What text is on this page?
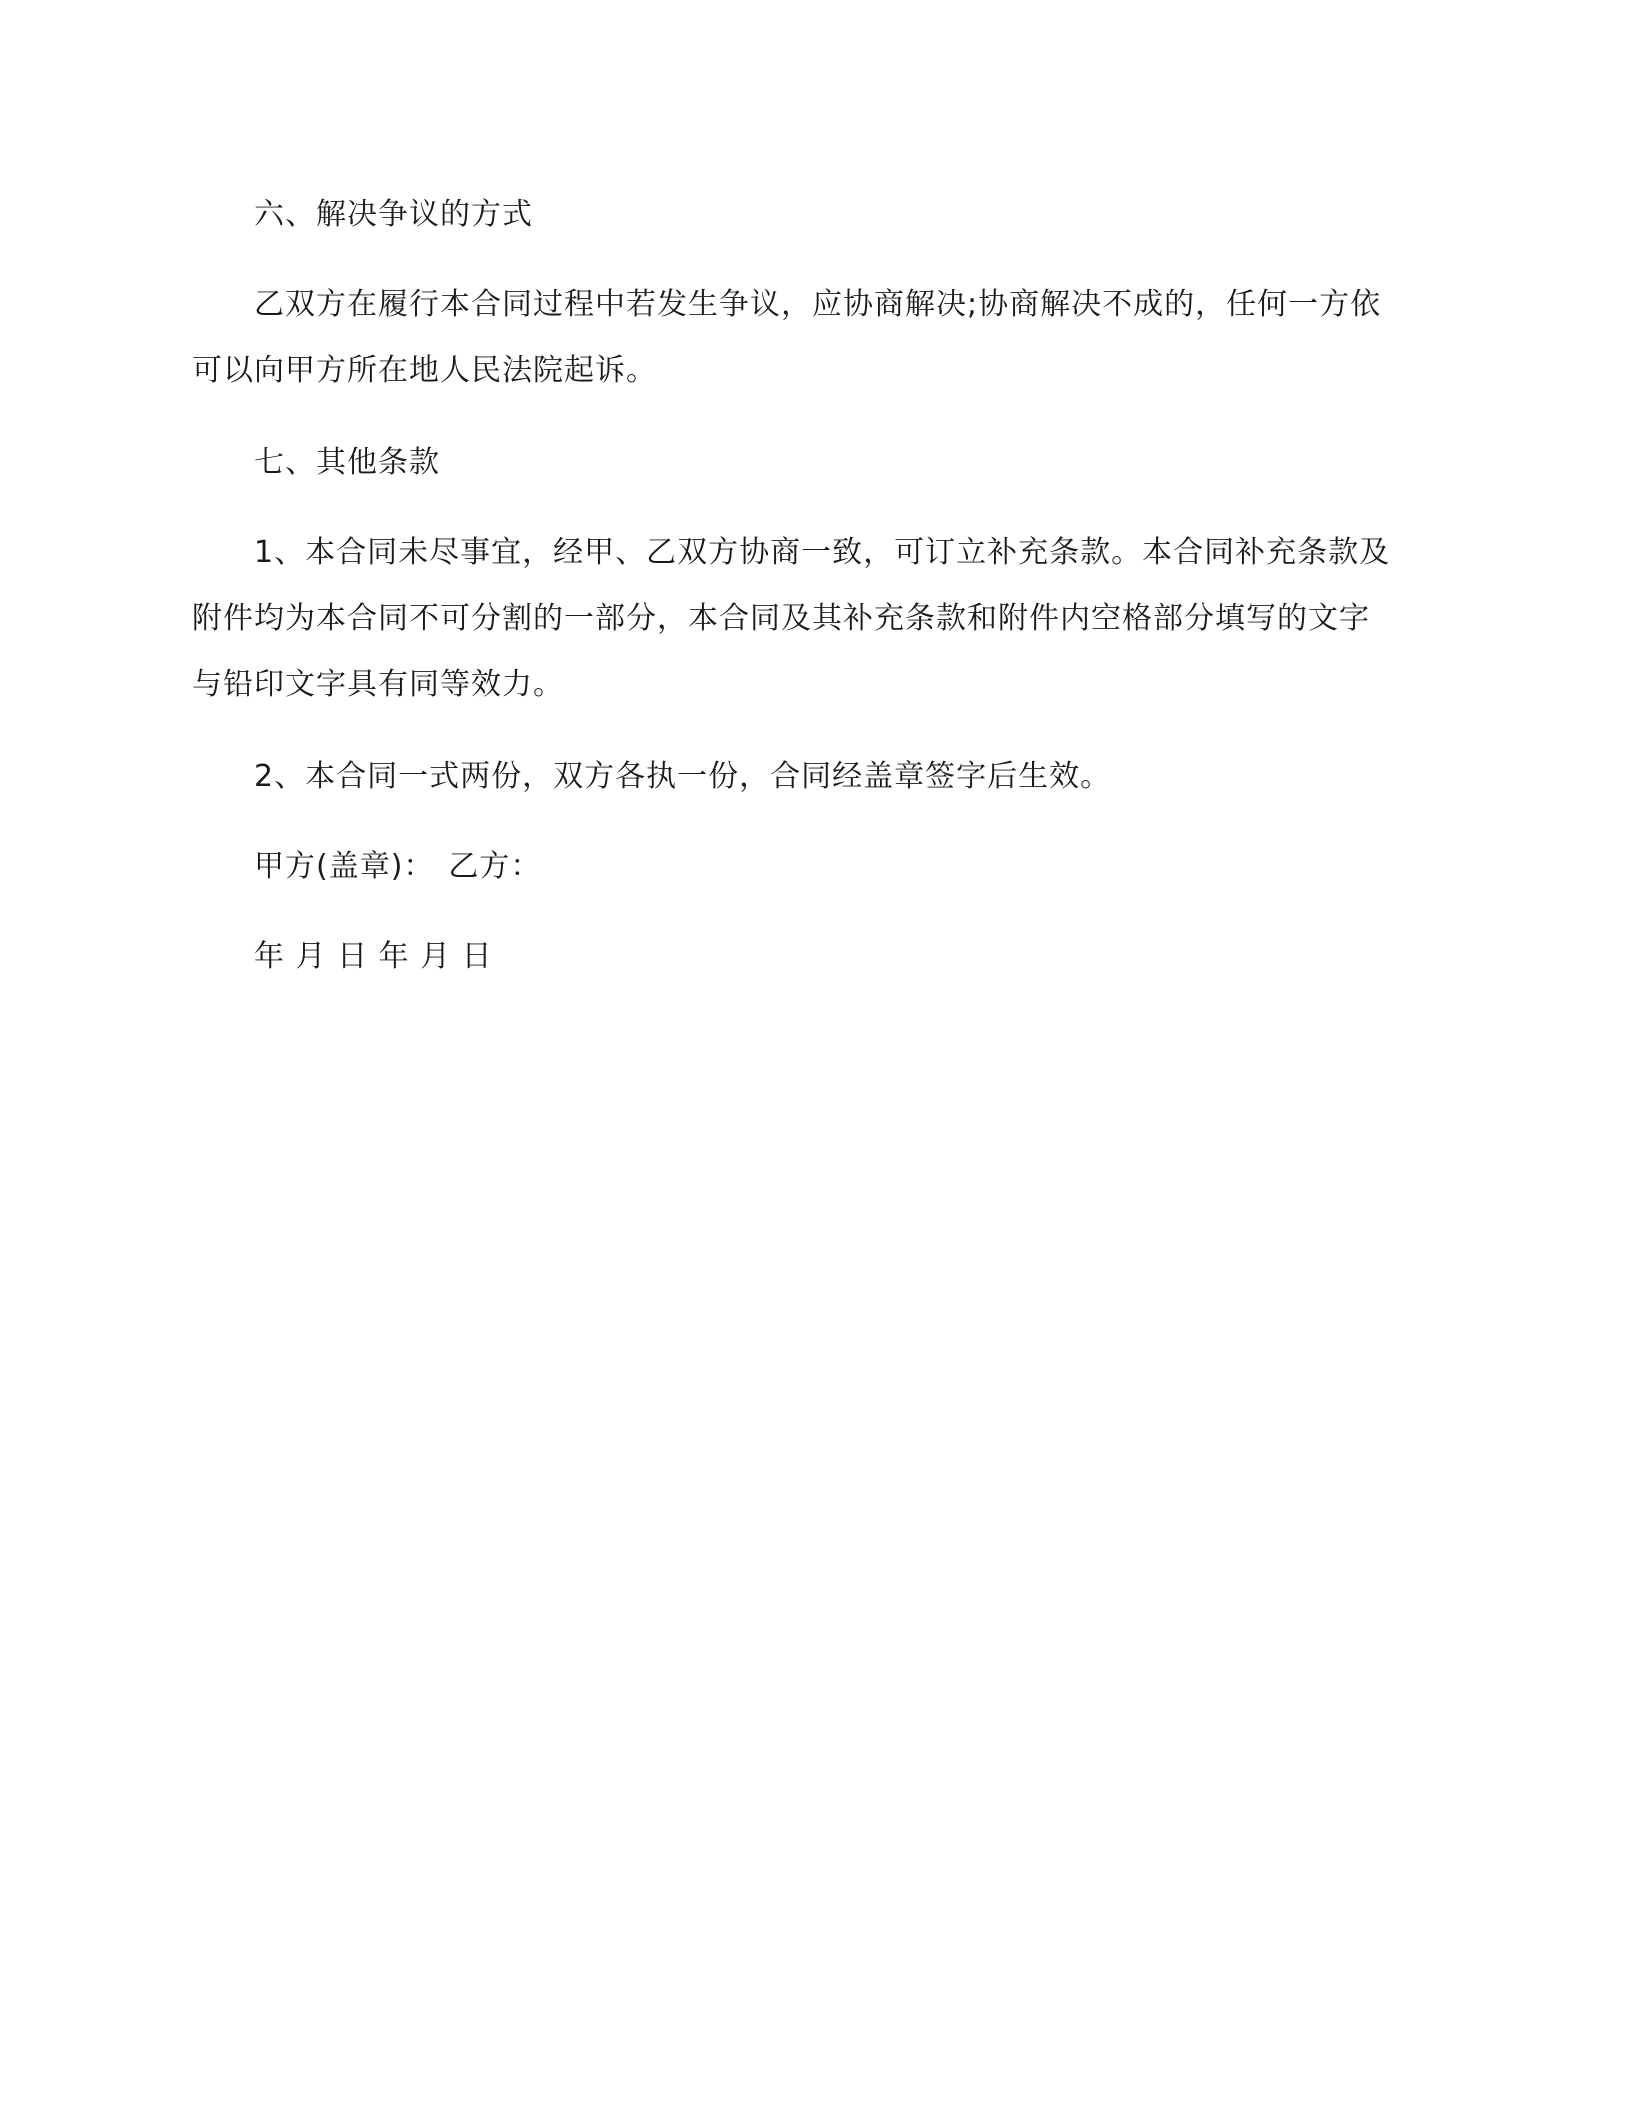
六、解决争议的方式

乙双方在履行本合同过程中若发生争议，应协商解决;协商解决不成的，任何一方依
可以向甲方所在地人民法院起诉。

七、其他条款

1、本合同未尽事宜，经甲、乙双方协商一致，可订立补充条款。本合同补充条款及
附件均为本合同不可分割的一部分，本合同及其补充条款和附件内空格部分填写的文字
与铅印文字具有同等效力。

2、本合同一式两份，双方各执一份，合同经盖章签字后生效。

甲方(盖章)： 乙方：

年 月 日 年 月 日
